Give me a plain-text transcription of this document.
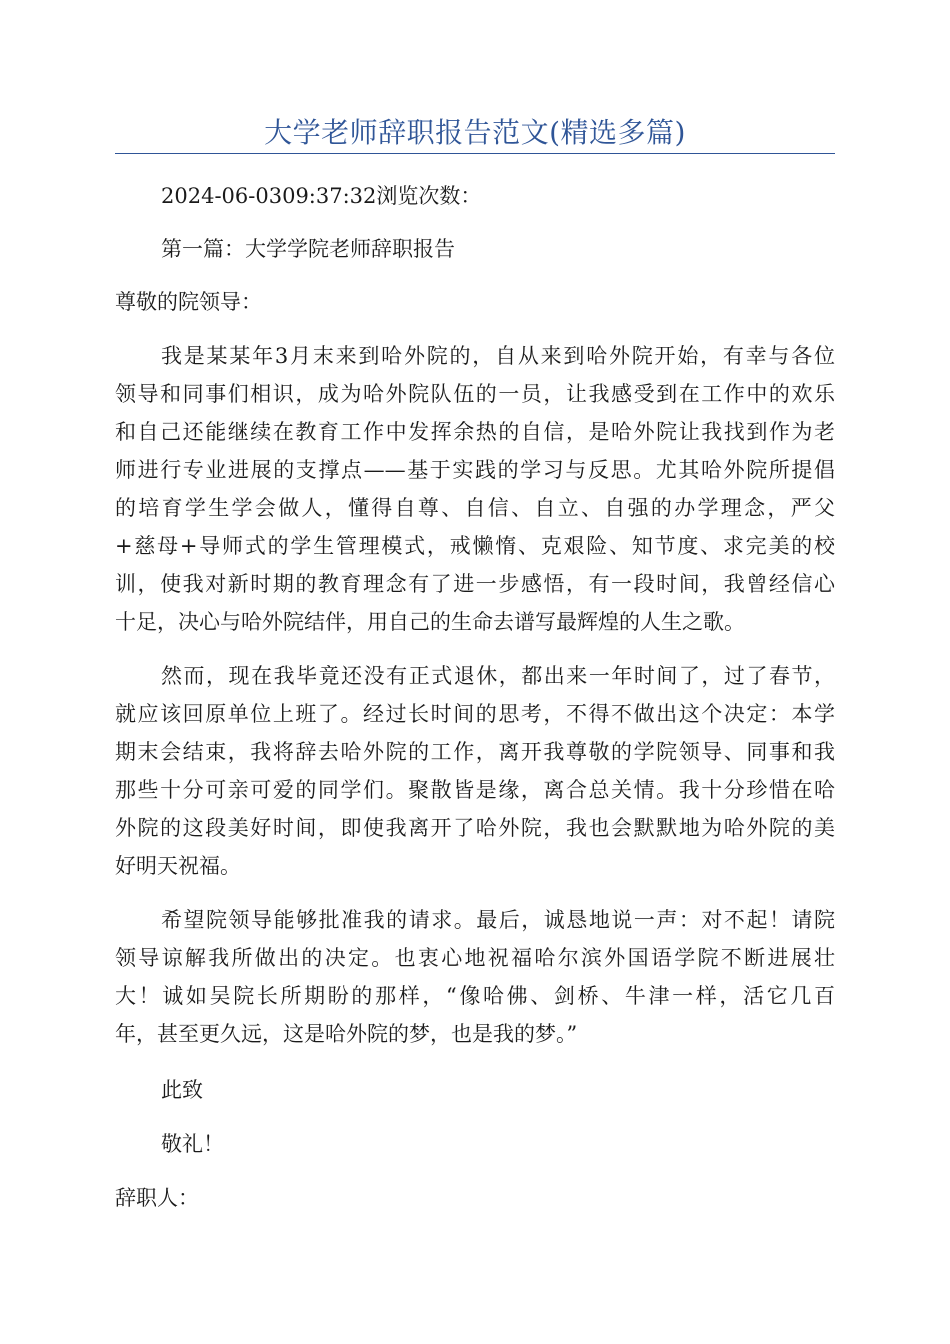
大学老师辞职报告范文(精选多篇)
2024-06-0309:37:32浏览次数：
第一篇：大学学院老师辞职报告
尊敬的院领导：
我是某某年3月末来到哈外院的，自从来到哈外院开始，有幸与各位
领导和同事们相识，成为哈外院队伍的一员，让我感受到在工作中的欢乐
和自己还能继续在教育工作中发挥余热的自信，是哈外院让我找到作为老
师进行专业进展的支撑点——基于实践的学习与反思。尤其哈外院所提倡
的培育学生学会做人，懂得自尊、自信、自立、自强的办学理念，严父
+慈母+导师式的学生管理模式，戒懒惰、克艰险、知节度、求完美的校
训，使我对新时期的教育理念有了进一步感悟，有一段时间，我曾经信心
十足，决心与哈外院结伴，用自己的生命去谱写最辉煌的人生之歌。
然而，现在我毕竟还没有正式退休，都出来一年时间了，过了春节，
就应该回原单位上班了。经过长时间的思考，不得不做出这个决定：本学
期末会结束，我将辞去哈外院的工作，离开我尊敬的学院领导、同事和我
那些十分可亲可爱的同学们。聚散皆是缘，离合总关情。我十分珍惜在哈
外院的这段美好时间，即使我离开了哈外院，我也会默默地为哈外院的美
好明天祝福。
希望院领导能够批准我的请求。最后，诚恳地说一声：对不起！请院
领导谅解我所做出的决定。也衷心地祝福哈尔滨外国语学院不断进展壮
大！诚如吴院长所期盼的那样，“像哈佛、剑桥、牛津一样，活它几百
年，甚至更久远，这是哈外院的梦，也是我的梦。”
此致
敬礼！
辞职人：
